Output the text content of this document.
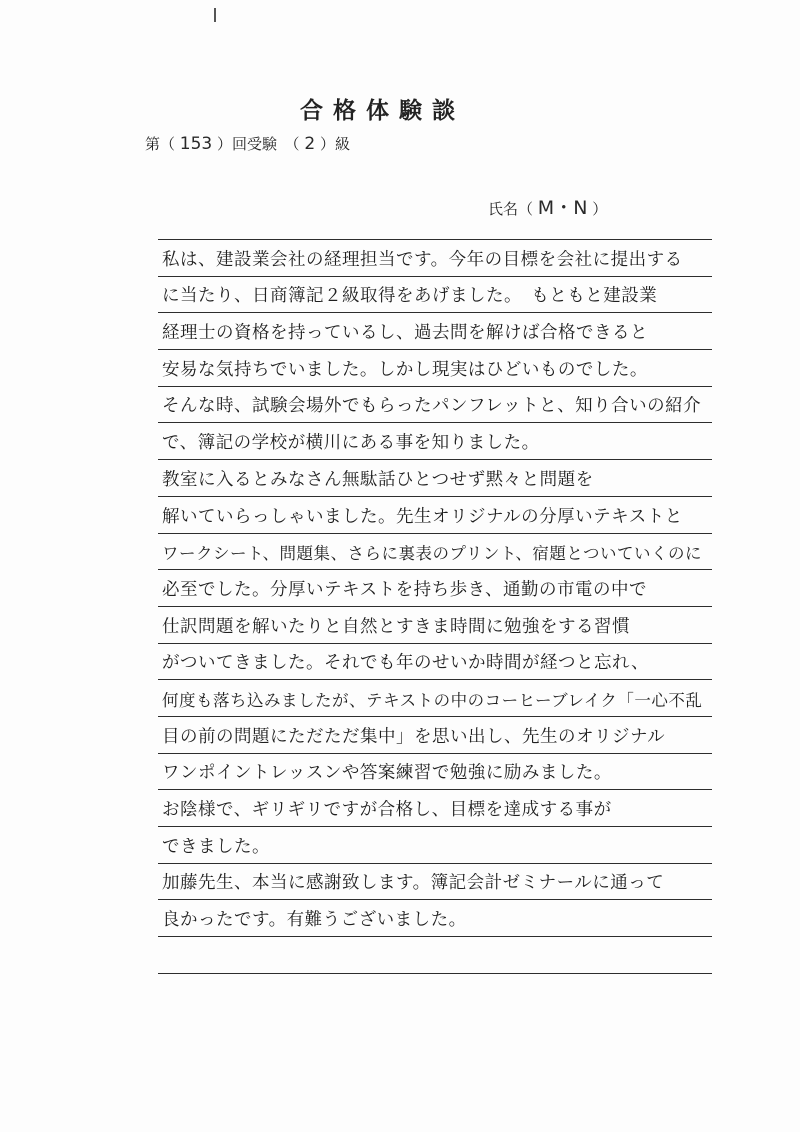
合格体験談
第（ 153 ）回受験　（ 2 ）級
氏名（ M・N ）
私は、建設業会社の経理担当です。今年の目標を会社に提出する
に当たり、日商簿記２級取得をあげました。　もともと建設業
経理士の資格を持っているし、過去問を解けば合格できると
安易な気持ちでいました。しかし現実はひどいものでした。
そんな時、試験会場外でもらったパンフレットと、知り合いの紹介
で、簿記の学校が横川にある事を知りました。
教室に入るとみなさん無駄話ひとつせず黙々と問題を
解いていらっしゃいました。先生オリジナルの分厚いテキストと
ワークシート、問題集、さらに裏表のプリント、宿題とついていくのに
必至でした。分厚いテキストを持ち歩き、通勤の市電の中で
仕訳問題を解いたりと自然とすきま時間に勉強をする習慣
がついてきました。それでも年のせいか時間が経つと忘れ、
何度も落ち込みましたが、テキストの中のコーヒーブレイク「一心不乱
目の前の問題にただただ集中」を思い出し、先生のオリジナル
ワンポイントレッスンや答案練習で勉強に励みました。
お陰様で、ギリギリですが合格し、目標を達成する事が
できました。
加藤先生、本当に感謝致します。簿記会計ゼミナールに通って
良かったです。有難うございました。
